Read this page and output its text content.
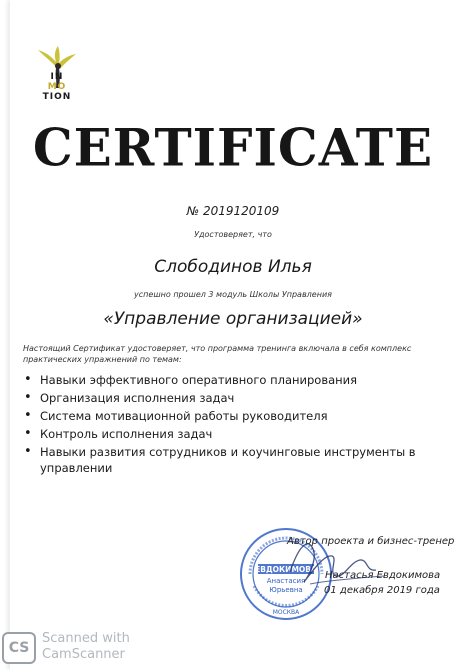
IN
MO
TION
CERTIFICATE
№ 2019120109
Удостоверяет, что
Слободинов Илья
успешно прошел 3 модуль Школы Управления
«Управление организацией»
Настоящий Сертификат удостоверяет, что программа тренинга включала в себя комплекс практических упражнений по темам:
• Навыки эффективного оперативного планирования
• Организация исполнения задач
• Система мотивационной работы руководителя
• Контроль исполнения задач
• Навыки развития сотрудников и коучинговые инструменты в управлении
ЕВДОКИМОВА
Анастасия
Юрьевна
МОСКВА
Автор проекта и бизнес-тренер
Настасья Евдокимова
01 декабря 2019 года
CS
Scanned with
CamScanner
